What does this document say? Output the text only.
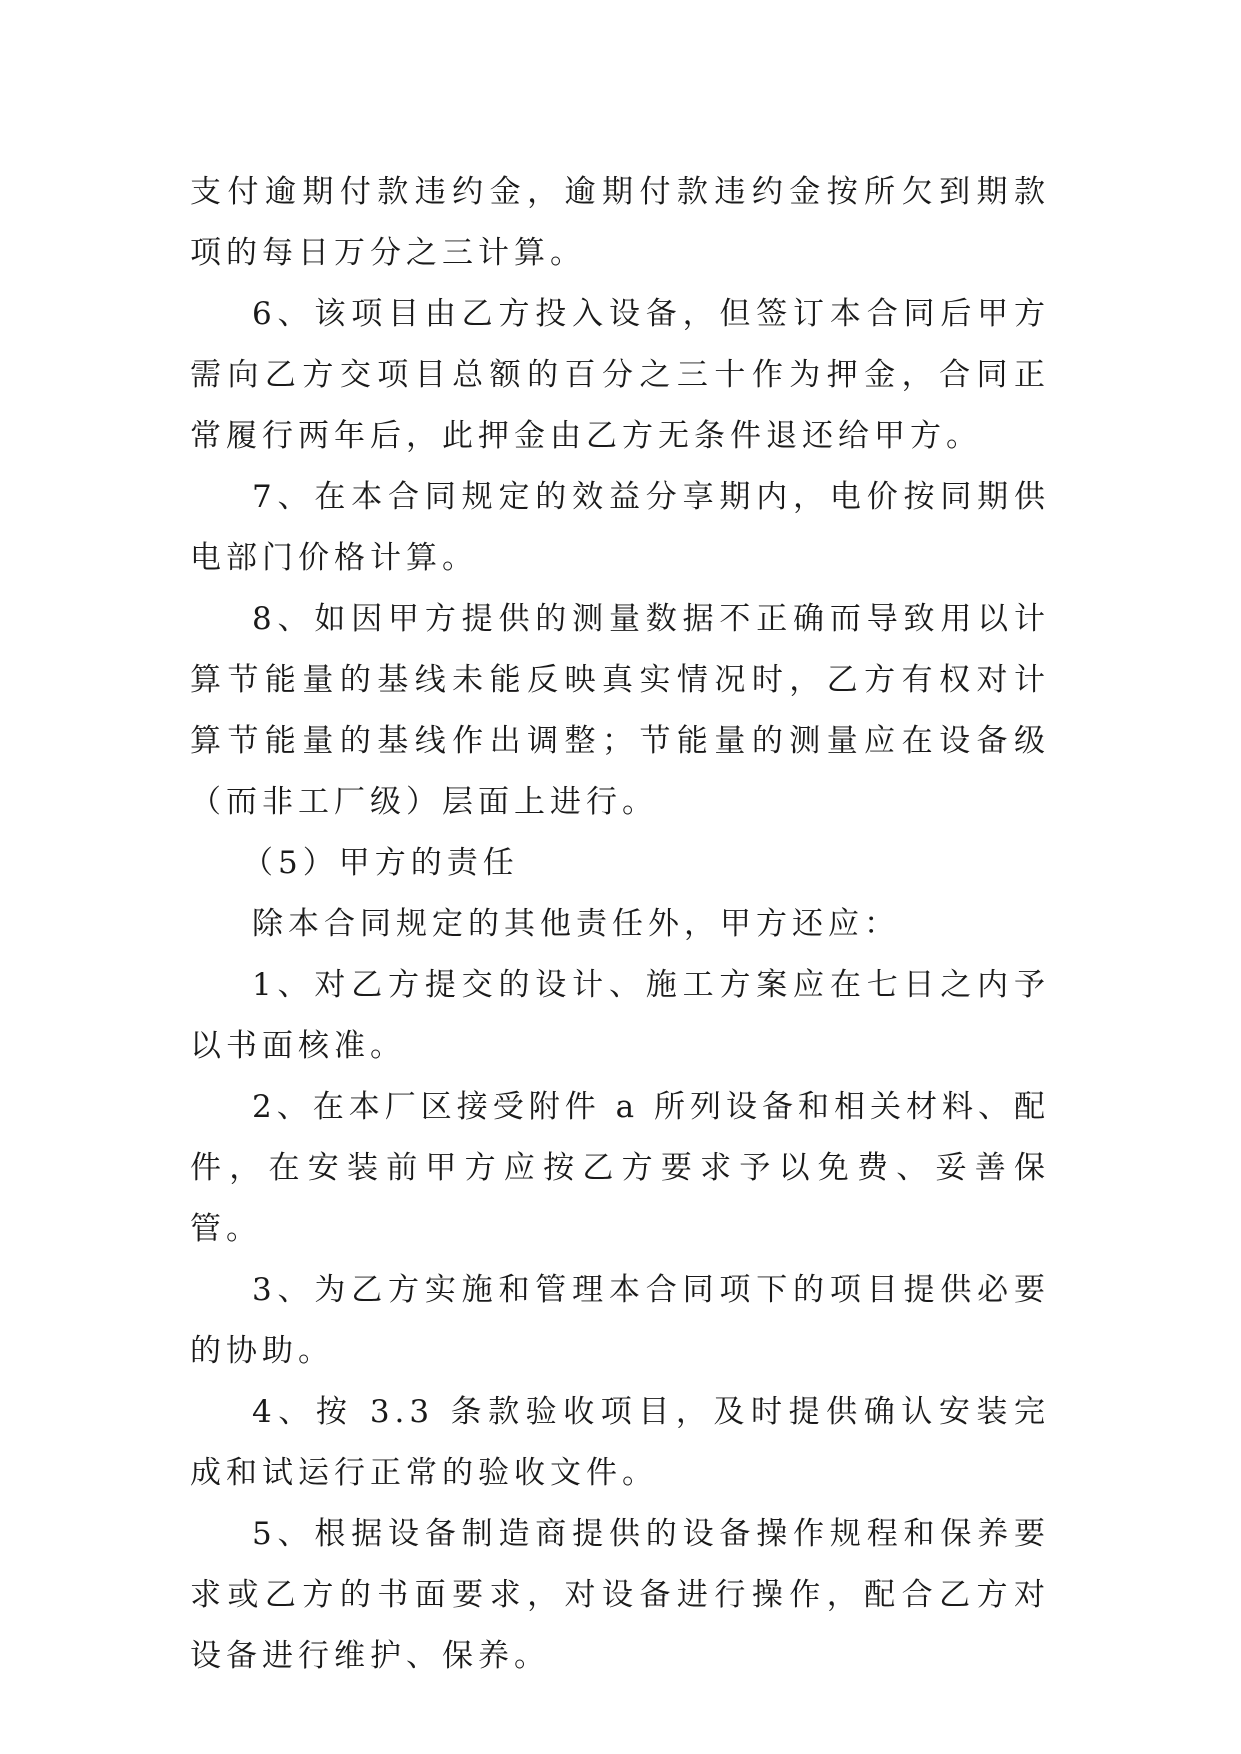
支付逾期付款违约金，逾期付款违约金按所欠到期款项的每日万分之三计算。

6、该项目由乙方投入设备，但签订本合同后甲方需向乙方交项目总额的百分之三十作为押金，合同正常履行两年后，此押金由乙方无条件退还给甲方。

7、在本合同规定的效益分享期内，电价按同期供电部门价格计算。

8、如因甲方提供的测量数据不正确而导致用以计算节能量的基线未能反映真实情况时，乙方有权对计算节能量的基线作出调整；节能量的测量应在设备级（而非工厂级）层面上进行。

（5）甲方的责任

除本合同规定的其他责任外，甲方还应：

1、对乙方提交的设计、施工方案应在七日之内予以书面核准。

2、在本厂区接受附件 a 所列设备和相关材料、配件，在安装前甲方应按乙方要求予以免费、妥善保管。

3、为乙方实施和管理本合同项下的项目提供必要的协助。

4、按 3.3 条款验收项目，及时提供确认安装完成和试运行正常的验收文件。

5、根据设备制造商提供的设备操作规程和保养要求或乙方的书面要求，对设备进行操作，配合乙方对设备进行维护、保养。
